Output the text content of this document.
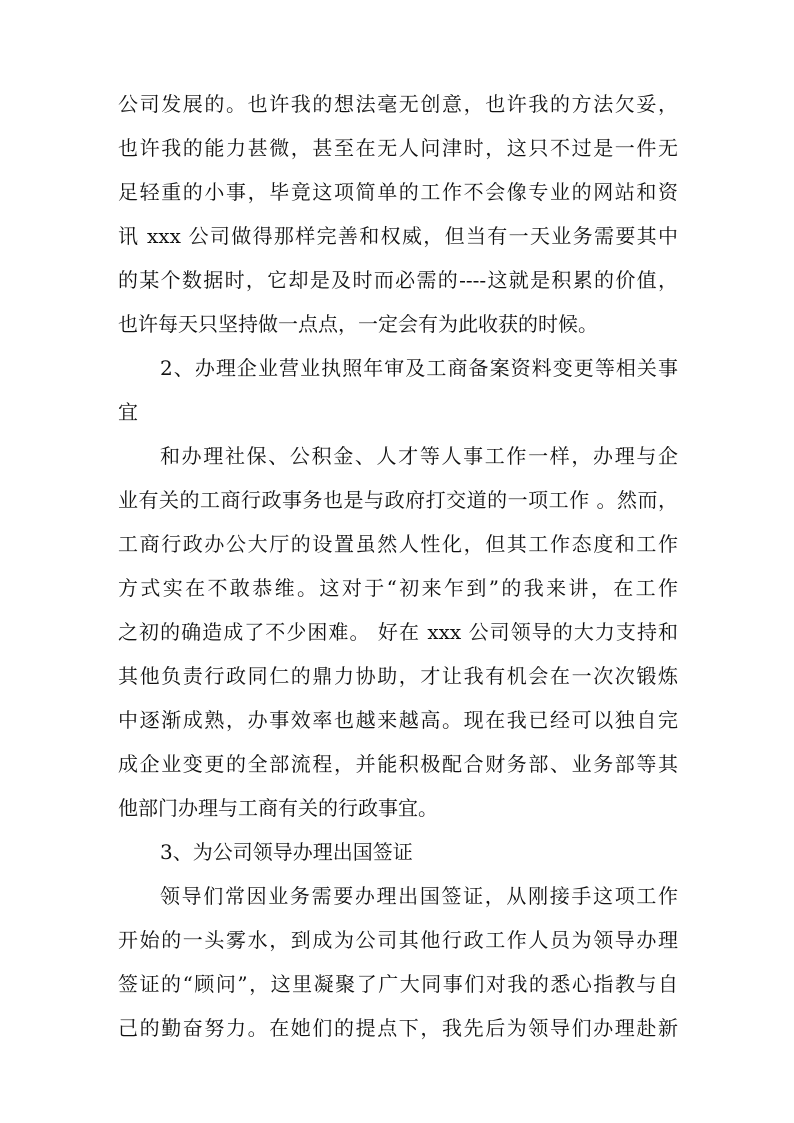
公司发展的。也许我的想法毫无创意，也许我的方法欠妥，
也许我的能力甚微，甚至在无人问津时，这只不过是一件无
足轻重的小事，毕竟这项简单的工作不会像专业的网站和资
讯 xxx 公司做得那样完善和权威，但当有一天业务需要其中
的某个数据时，它却是及时而必需的----这就是积累的价值，
也许每天只坚持做一点点，一定会有为此收获的时候。
2、办理企业营业执照年审及工商备案资料变更等相关事
宜
和办理社保、公积金、人才等人事工作一样，办理与企
业有关的工商行政事务也是与政府打交道的一项工作 。然而，
工商行政办公大厅的设置虽然人性化，但其工作态度和工作
方式实在不敢恭维。这对于“初来乍到”的我来讲，在工作
之初的确造成了不少困难。 好在 xxx 公司领导的大力支持和
其他负责行政同仁的鼎力协助，才让我有机会在一次次锻炼
中逐渐成熟，办事效率也越来越高。现在我已经可以独自完
成企业变更的全部流程，并能积极配合财务部、业务部等其
他部门办理与工商有关的行政事宜。
3、为公司领导办理出国签证
领导们常因业务需要办理出国签证，从刚接手这项工作
开始的一头雾水，到成为公司其他行政工作人员为领导办理
签证的“顾问”，这里凝聚了广大同事们对我的悉心指教与自
己的勤奋努力。在她们的提点下，我先后为领导们办理赴新
